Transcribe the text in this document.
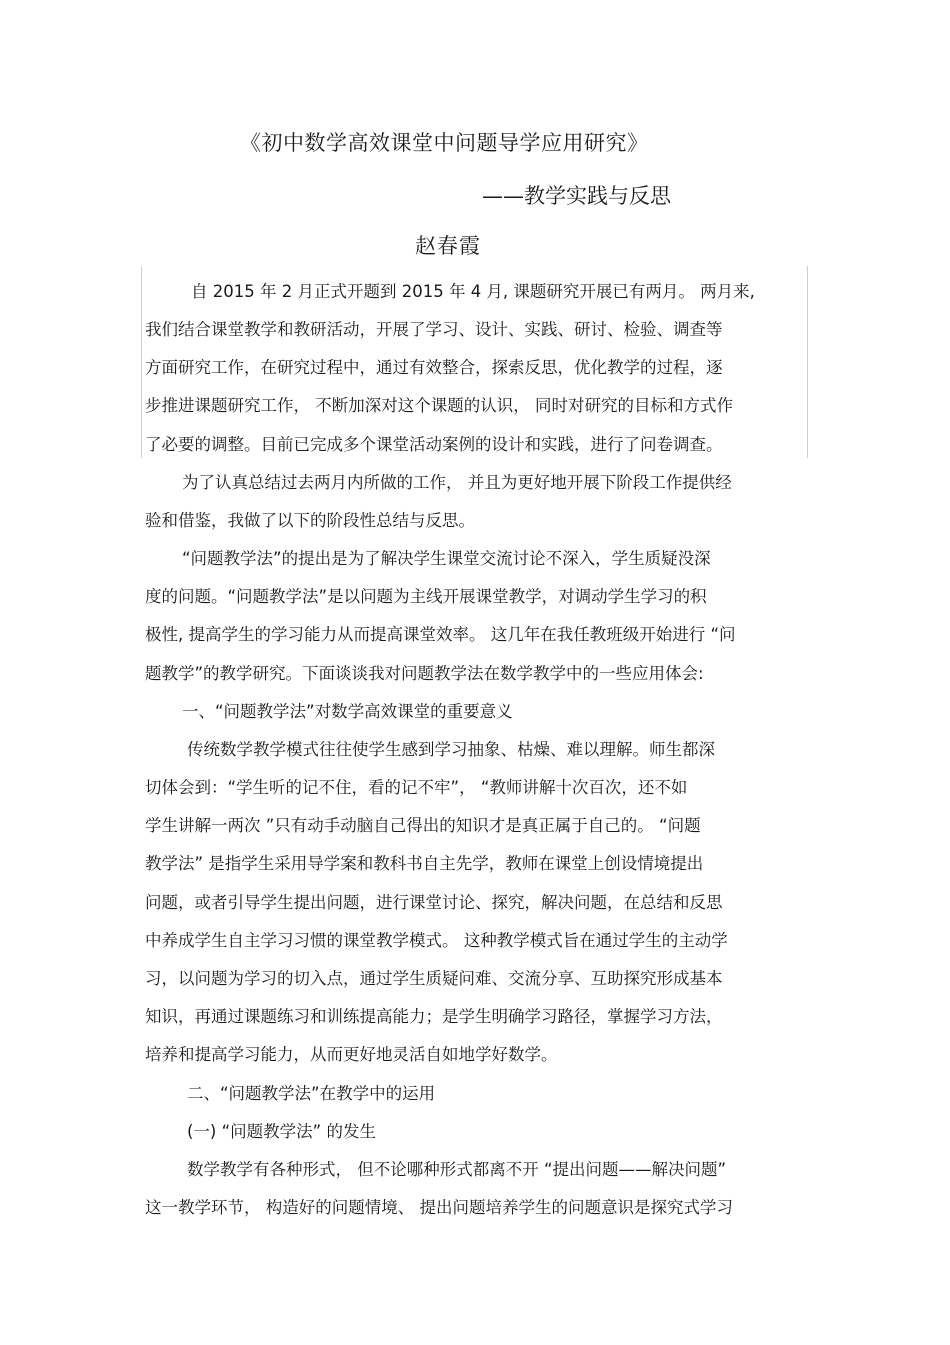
《初中数学高效课堂中问题导学应用研究》
——教学实践与反思
赵春霞
自 2015 年 2 月正式开题到 2015 年 4 月, 课题研究开展已有两月。 两月来,
我们结合课堂教学和教研活动，开展了学习、设计、实践、研讨、检验、调查等
方面研究工作，在研究过程中，通过有效整合，探索反思，优化教学的过程，逐
步推进课题研究工作， 不断加深对这个课题的认识， 同时对研究的目标和方式作
了必要的调整。目前已完成多个课堂活动案例的设计和实践，进行了问卷调查。
为了认真总结过去两月内所做的工作， 并且为更好地开展下阶段工作提供经
验和借鉴，我做了以下的阶段性总结与反思。
“问题教学法”的提出是为了解决学生课堂交流讨论不深入，学生质疑没深
度的问题。“问题教学法”是以问题为主线开展课堂教学，对调动学生学习的积
极性, 提高学生的学习能力从而提高课堂效率。 这几年在我任教班级开始进行 “问
题教学”的教学研究。下面谈谈我对问题教学法在数学教学中的一些应用体会:
一、“问题教学法”对数学高效课堂的重要意义
传统数学教学模式往往使学生感到学习抽象、枯燥、难以理解。师生都深
切体会到：“学生听的记不住，看的记不牢”， “教师讲解十次百次，还不如
学生讲解一两次 ”只有动手动脑自己得出的知识才是真正属于自己的。 “问题
教学法” 是指学生采用导学案和教科书自主先学，教师在课堂上创设情境提出
问题，或者引导学生提出问题，进行课堂讨论、探究，解决问题，在总结和反思
中养成学生自主学习习惯的课堂教学模式。 这种教学模式旨在通过学生的主动学
习，以问题为学习的切入点，通过学生质疑问难、交流分享、互助探究形成基本
知识，再通过课题练习和训练提高能力；是学生明确学习路径，掌握学习方法，
培养和提高学习能力，从而更好地灵活自如地学好数学。
二、“问题教学法”在教学中的运用
(一) “问题教学法” 的发生
数学教学有各种形式， 但不论哪种形式都离不开 “提出问题——解决问题”
这一教学环节， 构造好的问题情境、 提出问题培养学生的问题意识是探究式学习
